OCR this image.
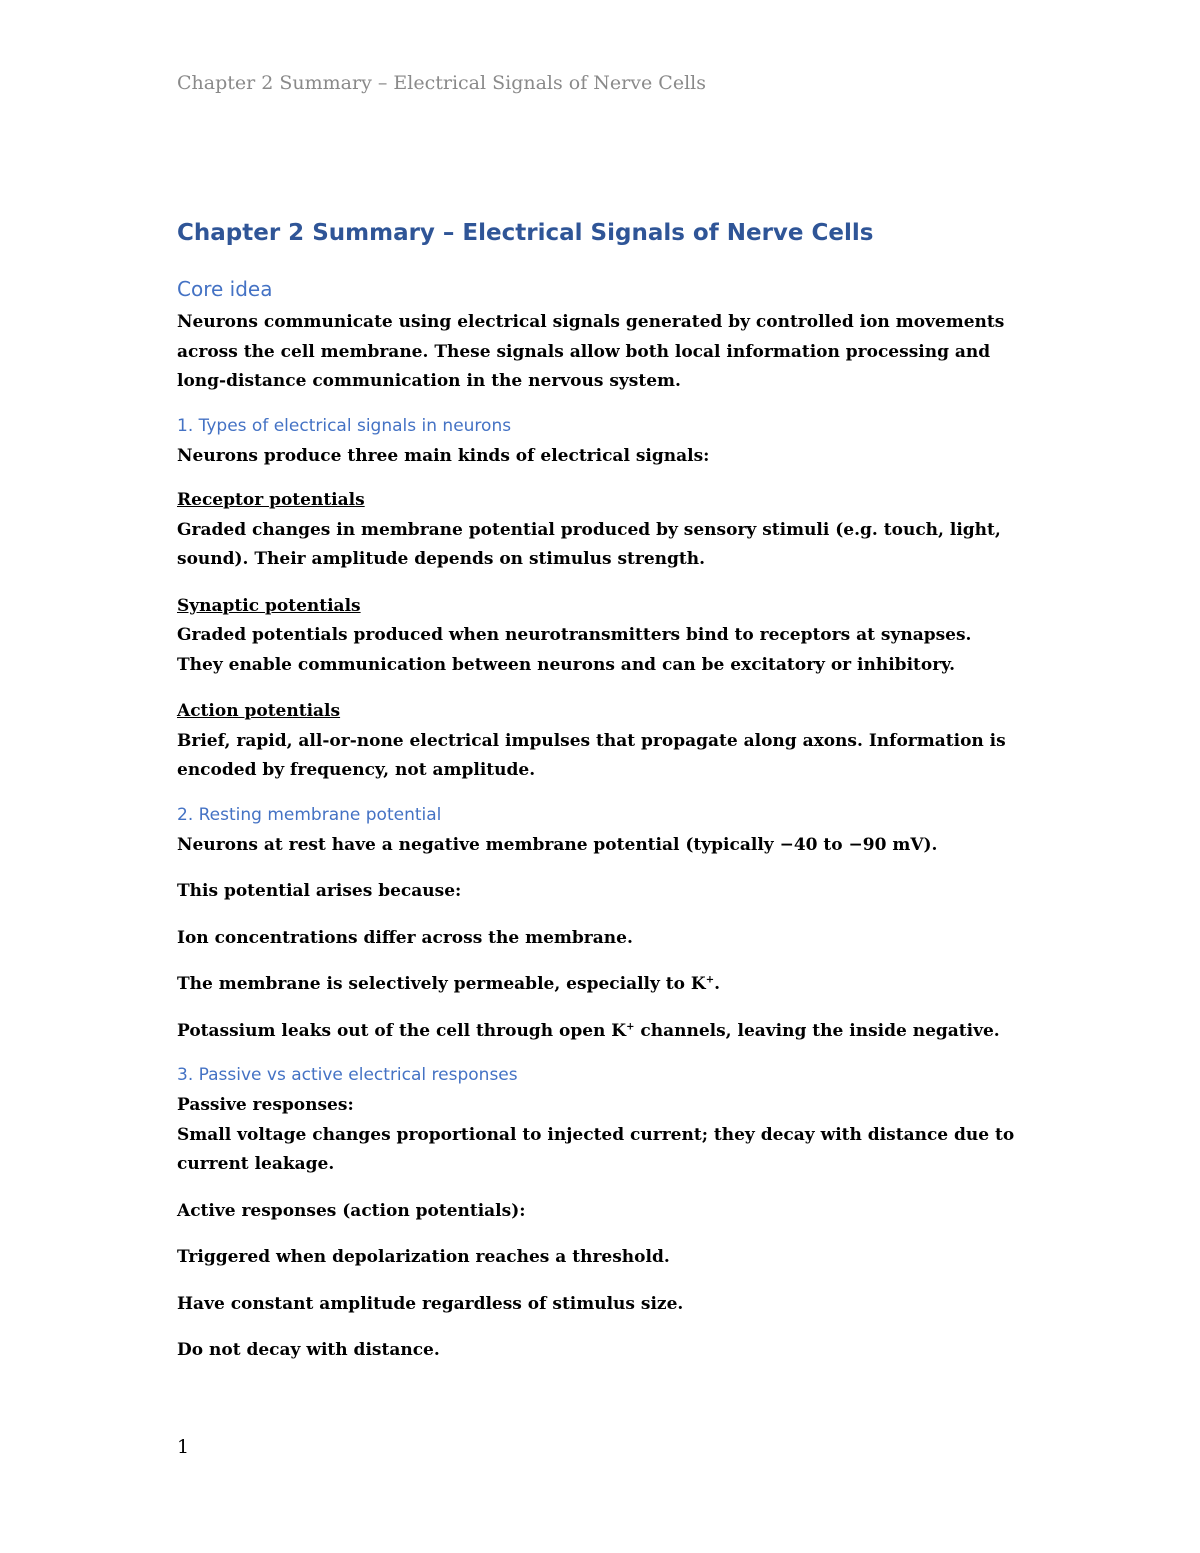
Chapter 2 Summary – Electrical Signals of Nerve Cells
Chapter 2 Summary – Electrical Signals of Nerve Cells
Core idea
Neurons communicate using electrical signals generated by controlled ion movements across the cell membrane. These signals allow both local information processing and long-distance communication in the nervous system.
1. Types of electrical signals in neurons
Neurons produce three main kinds of electrical signals:
Receptor potentials
Graded changes in membrane potential produced by sensory stimuli (e.g. touch, light, sound). Their amplitude depends on stimulus strength.
Synaptic potentials
Graded potentials produced when neurotransmitters bind to receptors at synapses. They enable communication between neurons and can be excitatory or inhibitory.
Action potentials
Brief, rapid, all-or-none electrical impulses that propagate along axons. Information is encoded by frequency, not amplitude.
2. Resting membrane potential
Neurons at rest have a negative membrane potential (typically −40 to −90 mV).
This potential arises because:
Ion concentrations differ across the membrane.
The membrane is selectively permeable, especially to K+.
Potassium leaks out of the cell through open K+ channels, leaving the inside negative.
3. Passive vs active electrical responses
Passive responses:
Small voltage changes proportional to injected current; they decay with distance due to current leakage.
Active responses (action potentials):
Triggered when depolarization reaches a threshold.
Have constant amplitude regardless of stimulus size.
Do not decay with distance.
1
